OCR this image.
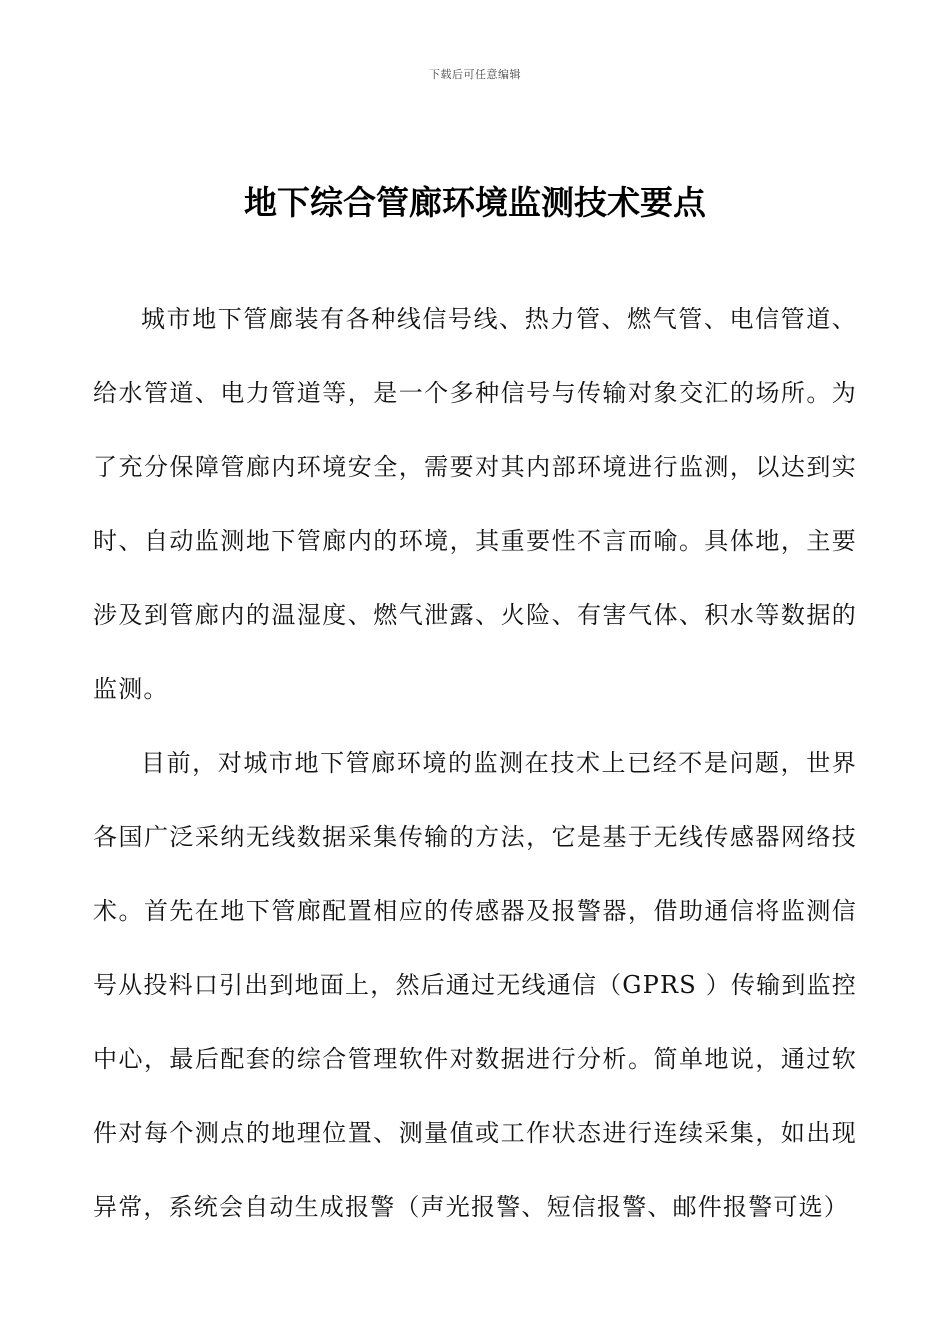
下载后可任意编辑
地下综合管廊环境监测技术要点

城市地下管廊装有各种线信号线、热力管、燃气管、电信管道、给水管道、电力管道等，是一个多种信号与传输对象交汇的场所。为了充分保障管廊内环境安全，需要对其内部环境进行监测，以达到实时、自动监测地下管廊内的环境，其重要性不言而喻。具体地，主要涉及到管廊内的温湿度、燃气泄露、火险、有害气体、积水等数据的监测。

目前，对城市地下管廊环境的监测在技术上已经不是问题，世界各国广泛采纳无线数据采集传输的方法，它是基于无线传感器网络技术。首先在地下管廊配置相应的传感器及报警器，借助通信将监测信号从投料口引出到地面上，然后通过无线通信（GPRS ）传输到监控中心，最后配套的综合管理软件对数据进行分析。简单地说，通过软件对每个测点的地理位置、测量值或工作状态进行连续采集，如出现异常，系统会自动生成报警（声光报警、短信报警、邮件报警可选）
